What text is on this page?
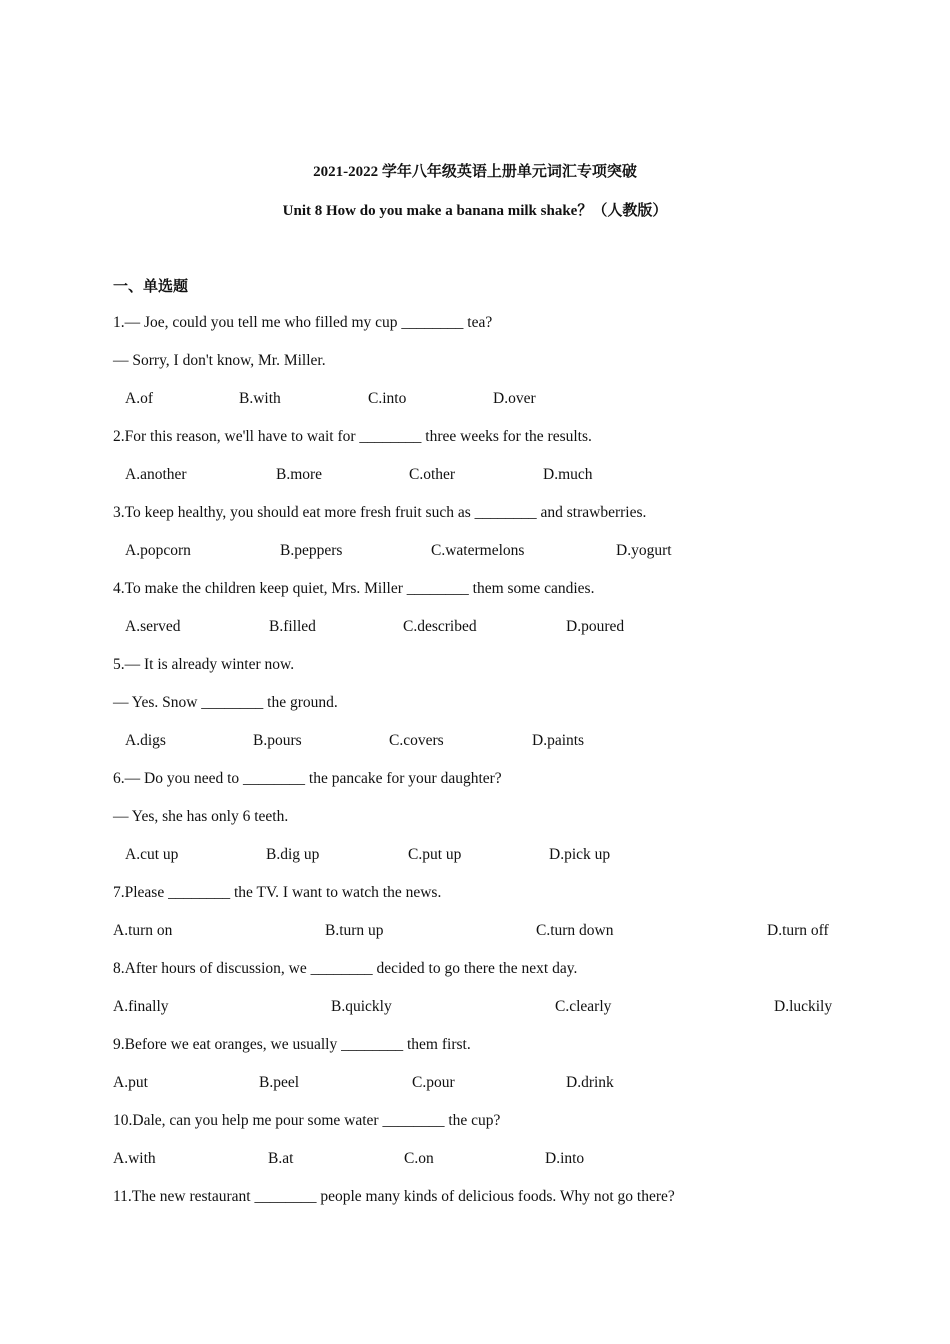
2021-2022 学年八年级英语上册单元词汇专项突破
Unit 8 How do you make a banana milk shake？（人教版）
一、单选题
1.— Joe, could you tell me who filled my cup ________ tea?
— Sorry, I don't know, Mr. Miller.
A.of	B.with	C.into	D.over
2.For this reason, we'll have to wait for ________ three weeks for the results.
A.another	B.more	C.other	D.much
3.To keep healthy, you should eat more fresh fruit such as ________ and strawberries.
A.popcorn	B.peppers	C.watermelons	D.yogurt
4.To make the children keep quiet, Mrs. Miller ________ them some candies.
A.served	B.filled	C.described	D.poured
5.— It is already winter now.
— Yes. Snow ________ the ground.
A.digs	B.pours	C.covers	D.paints
6.— Do you need to ________ the pancake for your daughter?
— Yes, she has only 6 teeth.
A.cut up	B.dig up	C.put up	D.pick up
7.Please ________ the TV. I want to watch the news.
A.turn on	B.turn up	C.turn down	D.turn off
8.After hours of discussion, we ________ decided to go there the next day.
A.finally	B.quickly	C.clearly	D.luckily
9.Before we eat oranges, we usually ________ them first.
A.put	B.peel	C.pour	D.drink
10.Dale, can you help me pour some water ________ the cup?
A.with	B.at	C.on	D.into
11.The new restaurant ________ people many kinds of delicious foods. Why not go there?
